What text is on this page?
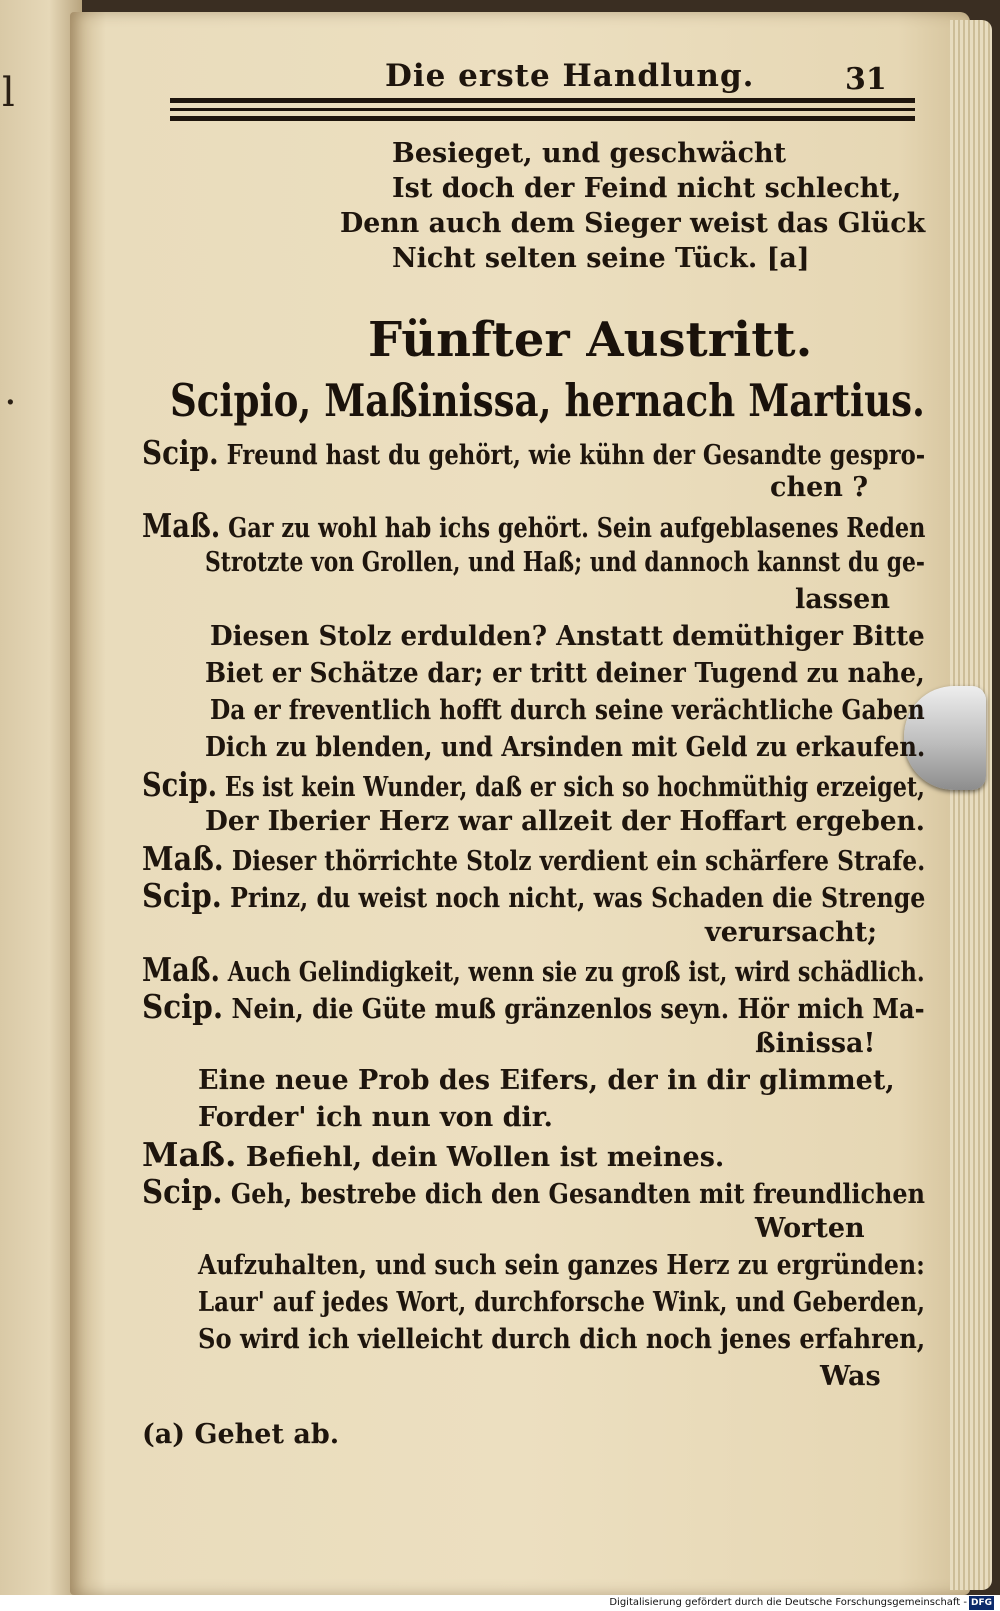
l
.
Die erste Handlung.	31
Besieget, und geschwächt
Ist doch der Feind nicht schlecht,
Denn auch dem Sieger weist das Glück
Nicht selten seine Tück. [a]
Fünfter Austritt.
Scipio, Maßinissa, hernach Martius.
Scip. Freund hast du gehört, wie kühn der Gesandte gespro-
chen ?
Maß. Gar zu wohl hab ichs gehört. Sein aufgeblasenes Reden
Strotzte von Grollen, und Haß; und dannoch kannst du ge-
lassen
Diesen Stolz erdulden? Anstatt demüthiger Bitte
Biet er Schätze dar; er tritt deiner Tugend zu nahe,
Da er freventlich hofft durch seine verächtliche Gaben
Dich zu blenden, und Arsinden mit Geld zu erkaufen.
Scip. Es ist kein Wunder, daß er sich so hochmüthig erzeiget,
Der Iberier Herz war allzeit der Hoffart ergeben.
Maß. Dieser thörrichte Stolz verdient ein schärfere Strafe.
Scip. Prinz, du weist noch nicht, was Schaden die Strenge
verursacht;
Maß. Auch Gelindigkeit, wenn sie zu groß ist, wird schädlich.
Scip. Nein, die Güte muß gränzenlos seyn. Hör mich Ma-
ßinissa!
Eine neue Prob des Eifers, der in dir glimmet,
Forder' ich nun von dir.
Maß. Befiehl, dein Wollen ist meines.
Scip. Geh, bestrebe dich den Gesandten mit freundlichen
Worten
Aufzuhalten, und such sein ganzes Herz zu ergründen:
Laur' auf jedes Wort, durchforsche Wink, und Geberden,
So wird ich vielleicht durch dich noch jenes erfahren,
Was
(a) Gehet ab.
Digitalisierung gefördert durch die Deutsche Forschungsgemeinschaft - DFG
